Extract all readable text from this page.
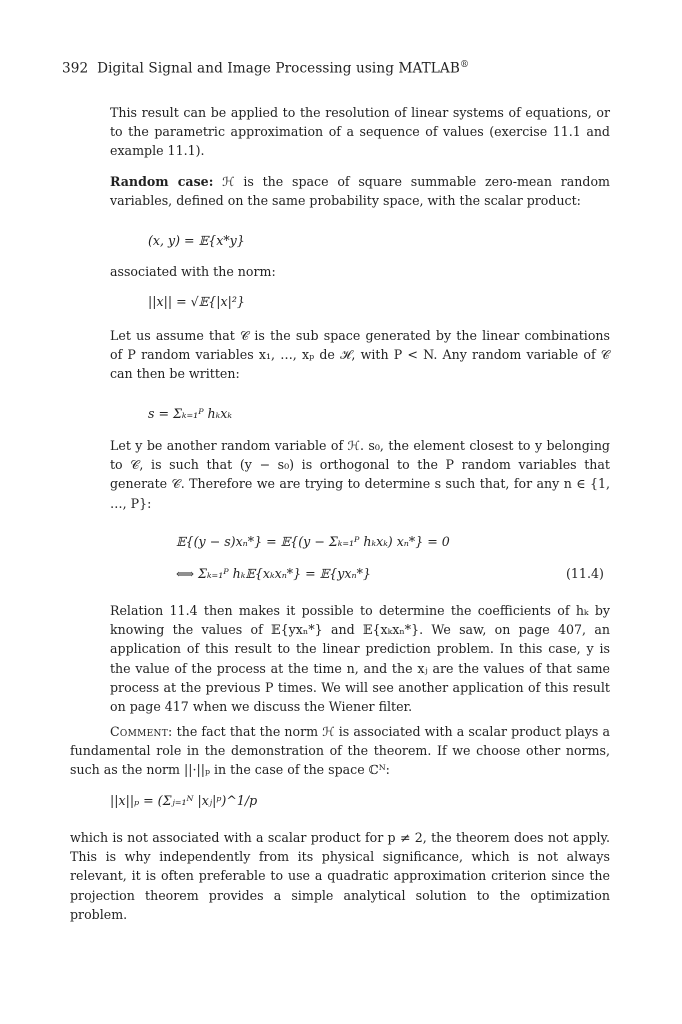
392 Digital Signal and Image Processing using MATLAB®
This result can be applied to the resolution of linear systems of equations, or to the parametric approximation of a sequence of values (exercise 11.1 and example 11.1).
Random case: ℋ is the space of square summable zero-mean random variables, defined on the same probability space, with the scalar product:
(x, y) = 𝔼{x*y}
associated with the norm:
||x|| = √𝔼{|x|²}
Let us assume that 𝒞 is the sub space generated by the linear combinations of P random variables x₁, …, xₚ de ℋ, with P < N. Any random variable of 𝒞 can then be written:
s = Σₖ₌₁ᴾ hₖxₖ
Let y be another random variable of ℋ. s₀, the element closest to y belonging to 𝒞, is such that (y − s₀) is orthogonal to the P random variables that generate 𝒞. Therefore we are trying to determine s such that, for any n ∈ {1, …, P}:
𝔼{(y − s)xₙ*} = 𝔼{(y − Σₖ₌₁ᴾ hₖxₖ) xₙ*} = 0
⟺ Σₖ₌₁ᴾ hₖ𝔼{xₖxₙ*} = 𝔼{yxₙ*}	(11.4)
Relation 11.4 then makes it possible to determine the coefficients of hₖ by knowing the values of 𝔼{yxₙ*} and 𝔼{xₖxₙ*}. We saw, on page 407, an application of this result to the linear prediction problem. In this case, y is the value of the process at the time n, and the xⱼ are the values of that same process at the previous P times. We will see another application of this result on page 417 when we discuss the Wiener filter.
Comment: the fact that the norm ℋ is associated with a scalar product plays a fundamental role in the demonstration of the theorem. If we choose other norms, such as the norm ||·||ₚ in the case of the space ℂᴺ:
||x||ₚ = (Σⱼ₌₁ᴺ |xⱼ|ᵖ)^1/p
which is not associated with a scalar product for p ≠ 2, the theorem does not apply. This is why independently from its physical significance, which is not always relevant, it is often preferable to use a quadratic approximation criterion since the projection theorem provides a simple analytical solution to the optimization problem.
